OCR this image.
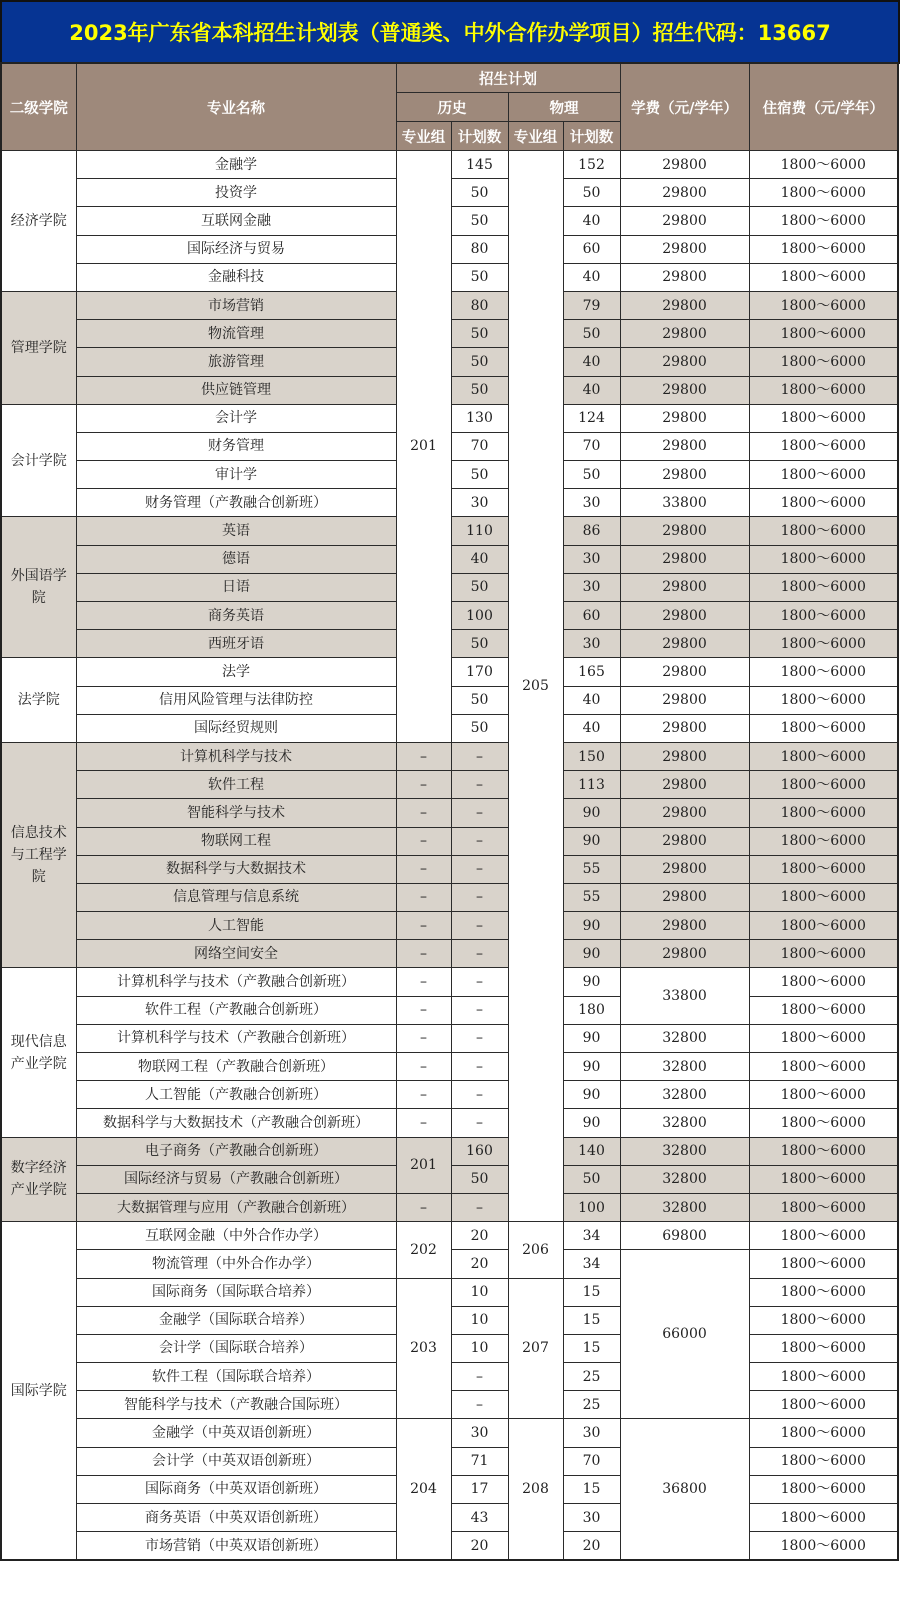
2023年广东省本科招生计划表（普通类、中外合作办学项目）招生代码：13667
二级学院	专业名称	招生计划				学费（元/学年）	住宿费（元/学年）
		历史		物理			
		专业组	计划数	专业组	计划数		
经济学院	金融学	201	145	205	152	29800	1800～6000
	投资学		50		50	29800	1800～6000
	互联网金融		50		40	29800	1800～6000
	国际经济与贸易		80		60	29800	1800～6000
	金融科技		50		40	29800	1800～6000
管理学院	市场营销		80		79	29800	1800～6000
	物流管理		50		50	29800	1800～6000
	旅游管理		50		40	29800	1800～6000
	供应链管理		50		40	29800	1800～6000
会计学院	会计学		130		124	29800	1800～6000
	财务管理		70		70	29800	1800～6000
	审计学		50		50	29800	1800～6000
	财务管理（产教融合创新班）		30		30	33800	1800～6000
外国语学院	英语		110		86	29800	1800～6000
	德语		40		30	29800	1800～6000
	日语		50		30	29800	1800～6000
	商务英语		100		60	29800	1800～6000
	西班牙语		50		30	29800	1800～6000
法学院	法学		170		165	29800	1800～6000
	信用风险管理与法律防控		50		40	29800	1800～6000
	国际经贸规则		50		40	29800	1800～6000
信息技术与工程学院	计算机科学与技术	–	–		150	29800	1800～6000
	软件工程	–	–		113	29800	1800～6000
	智能科学与技术	–	–		90	29800	1800～6000
	物联网工程	–	–		90	29800	1800～6000
	数据科学与大数据技术	–	–		55	29800	1800～6000
	信息管理与信息系统	–	–		55	29800	1800～6000
	人工智能	–	–		90	29800	1800～6000
	网络空间安全	–	–		90	29800	1800～6000
现代信息产业学院	计算机科学与技术（产教融合创新班）	–	–		90	33800	1800～6000
	软件工程（产教融合创新班）	–	–		180		1800～6000
	计算机科学与技术（产教融合创新班）	–	–		90	32800	1800～6000
	物联网工程（产教融合创新班）	–	–		90	32800	1800～6000
	人工智能（产教融合创新班）	–	–		90	32800	1800～6000
	数据科学与大数据技术（产教融合创新班）	–	–		90	32800	1800～6000
数字经济产业学院	电子商务（产教融合创新班）	201	160		140	32800	1800～6000
	国际经济与贸易（产教融合创新班）		50		50	32800	1800～6000
	大数据管理与应用（产教融合创新班）	–	–		100	32800	1800～6000
国际学院	互联网金融（中外合作办学）	202	20	206	34	69800	1800～6000
	物流管理（中外合作办学）		20		34	66000	1800～6000
	国际商务（国际联合培养）	203	10	207	15		1800～6000
	金融学（国际联合培养）		10		15		1800～6000
	会计学（国际联合培养）		10		15		1800～6000
	软件工程（国际联合培养）		–		25		1800～6000
	智能科学与技术（产教融合国际班）		–		25		1800～6000
	金融学（中英双语创新班）	204	30	208	30	36800	1800～6000
	会计学（中英双语创新班）		71		70		1800～6000
	国际商务（中英双语创新班）		17		15		1800～6000
	商务英语（中英双语创新班）		43		30		1800～6000
	市场营销（中英双语创新班）		20		20		1800～6000
